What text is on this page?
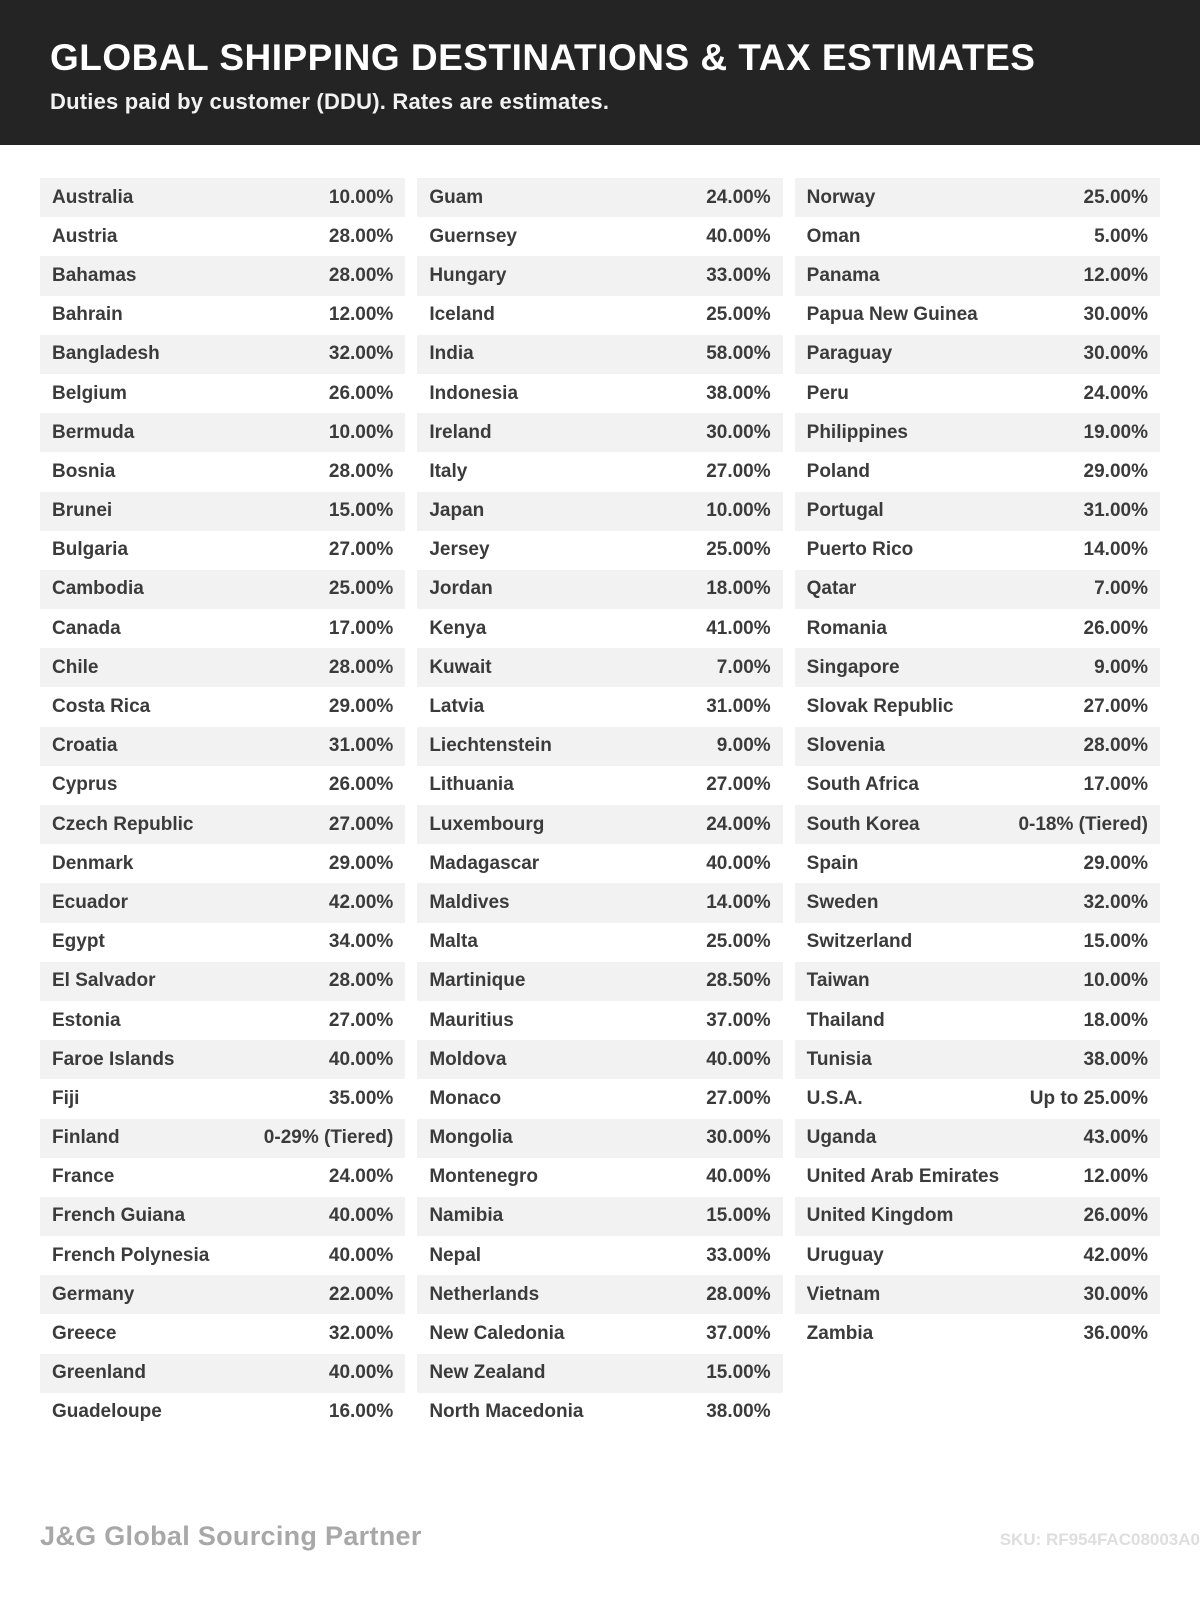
GLOBAL SHIPPING DESTINATIONS & TAX ESTIMATES
Duties paid by customer (DDU). Rates are estimates.
Australia	10.00%
Austria	28.00%
Bahamas	28.00%
Bahrain	12.00%
Bangladesh	32.00%
Belgium	26.00%
Bermuda	10.00%
Bosnia	28.00%
Brunei	15.00%
Bulgaria	27.00%
Cambodia	25.00%
Canada	17.00%
Chile	28.00%
Costa Rica	29.00%
Croatia	31.00%
Cyprus	26.00%
Czech Republic	27.00%
Denmark	29.00%
Ecuador	42.00%
Egypt	34.00%
El Salvador	28.00%
Estonia	27.00%
Faroe Islands	40.00%
Fiji	35.00%
Finland	0-29% (Tiered)
France	24.00%
French Guiana	40.00%
French Polynesia	40.00%
Germany	22.00%
Greece	32.00%
Greenland	40.00%
Guadeloupe	16.00%
Guam	24.00%
Guernsey	40.00%
Hungary	33.00%
Iceland	25.00%
India	58.00%
Indonesia	38.00%
Ireland	30.00%
Italy	27.00%
Japan	10.00%
Jersey	25.00%
Jordan	18.00%
Kenya	41.00%
Kuwait	7.00%
Latvia	31.00%
Liechtenstein	9.00%
Lithuania	27.00%
Luxembourg	24.00%
Madagascar	40.00%
Maldives	14.00%
Malta	25.00%
Martinique	28.50%
Mauritius	37.00%
Moldova	40.00%
Monaco	27.00%
Mongolia	30.00%
Montenegro	40.00%
Namibia	15.00%
Nepal	33.00%
Netherlands	28.00%
New Caledonia	37.00%
New Zealand	15.00%
North Macedonia	38.00%
Norway	25.00%
Oman	5.00%
Panama	12.00%
Papua New Guinea	30.00%
Paraguay	30.00%
Peru	24.00%
Philippines	19.00%
Poland	29.00%
Portugal	31.00%
Puerto Rico	14.00%
Qatar	7.00%
Romania	26.00%
Singapore	9.00%
Slovak Republic	27.00%
Slovenia	28.00%
South Africa	17.00%
South Korea	0-18% (Tiered)
Spain	29.00%
Sweden	32.00%
Switzerland	15.00%
Taiwan	10.00%
Thailand	18.00%
Tunisia	38.00%
U.S.A.	Up to 25.00%
Uganda	43.00%
United Arab Emirates	12.00%
United Kingdom	26.00%
Uruguay	42.00%
Vietnam	30.00%
Zambia	36.00%
J&G Global Sourcing Partner	SKU: RF954FAC08003A0
